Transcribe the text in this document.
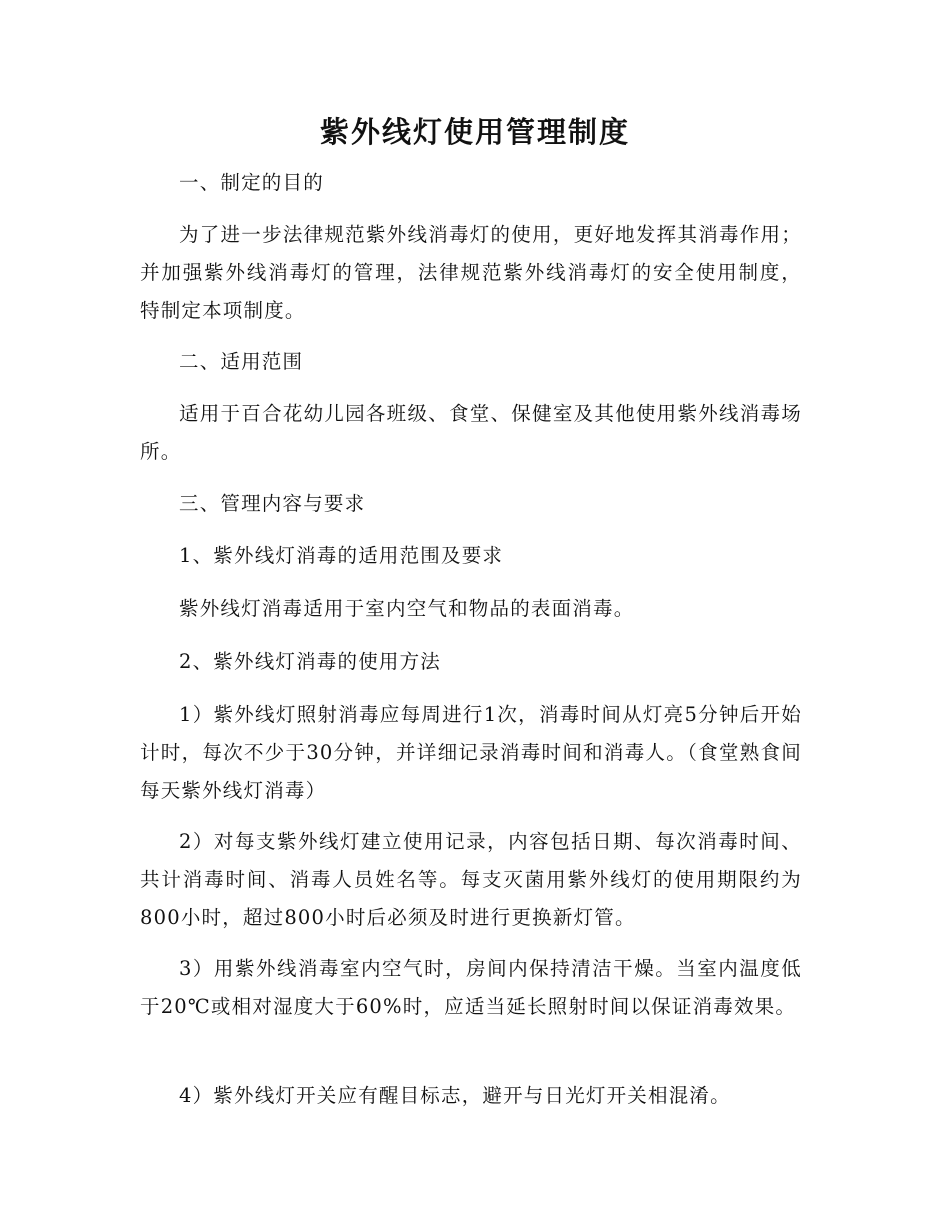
紫外线灯使用管理制度

一、制定的目的

为了进一步法律规范紫外线消毒灯的使用，更好地发挥其消毒作用；并加强紫外线消毒灯的管理，法律规范紫外线消毒灯的安全使用制度，特制定本项制度。

二、适用范围

适用于百合花幼儿园各班级、食堂、保健室及其他使用紫外线消毒场所。

三、管理内容与要求

1、紫外线灯消毒的适用范围及要求

紫外线灯消毒适用于室内空气和物品的表面消毒。

2、紫外线灯消毒的使用方法

1）紫外线灯照射消毒应每周进行1次，消毒时间从灯亮5分钟后开始计时，每次不少于30分钟，并详细记录消毒时间和消毒人。（食堂熟食间每天紫外线灯消毒）

2）对每支紫外线灯建立使用记录，内容包括日期、每次消毒时间、共计消毒时间、消毒人员姓名等。每支灭菌用紫外线灯的使用期限约为800小时，超过800小时后必须及时进行更换新灯管。

3）用紫外线消毒室内空气时，房间内保持清洁干燥。当室内温度低于20℃或相对湿度大于60%时，应适当延长照射时间以保证消毒效果。

4）紫外线灯开关应有醒目标志，避开与日光灯开关相混淆。
